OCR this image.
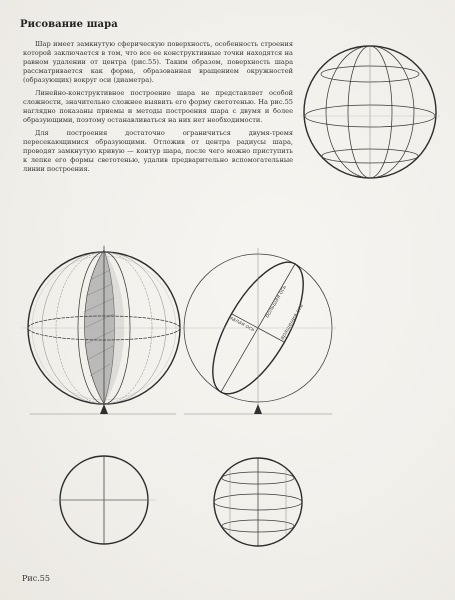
Рисование шара

Шар имеет замкнутую сферическую поверхность, особенность строения которой заключается в том, что все ее конструктивные точки находятся на равном удалении от центра (рис.55). Таким образом, поверхность шара рассматривается как форма, образованная вращением окружностей (образующих) вокруг оси (диаметра).

Линейно-конструктивное построение шара не представляет особой сложности, значительно сложнее выявить его форму светотенью. На рис.55 наглядно показаны приемы и методы построения шара с двумя и более образующими, поэтому останавливаться на них нет необходимости.

Для построения достаточно ограничиться двумя-тремя пересекающимися образующими. Отложив от центра радиусы шара, проводят замкнутую кривую — контур шара, после чего можно приступить к лепке его формы светотенью, удалив предварительно вспомогательные линии построения.

большая ось
малая ось	вращения ось
Рис.55
